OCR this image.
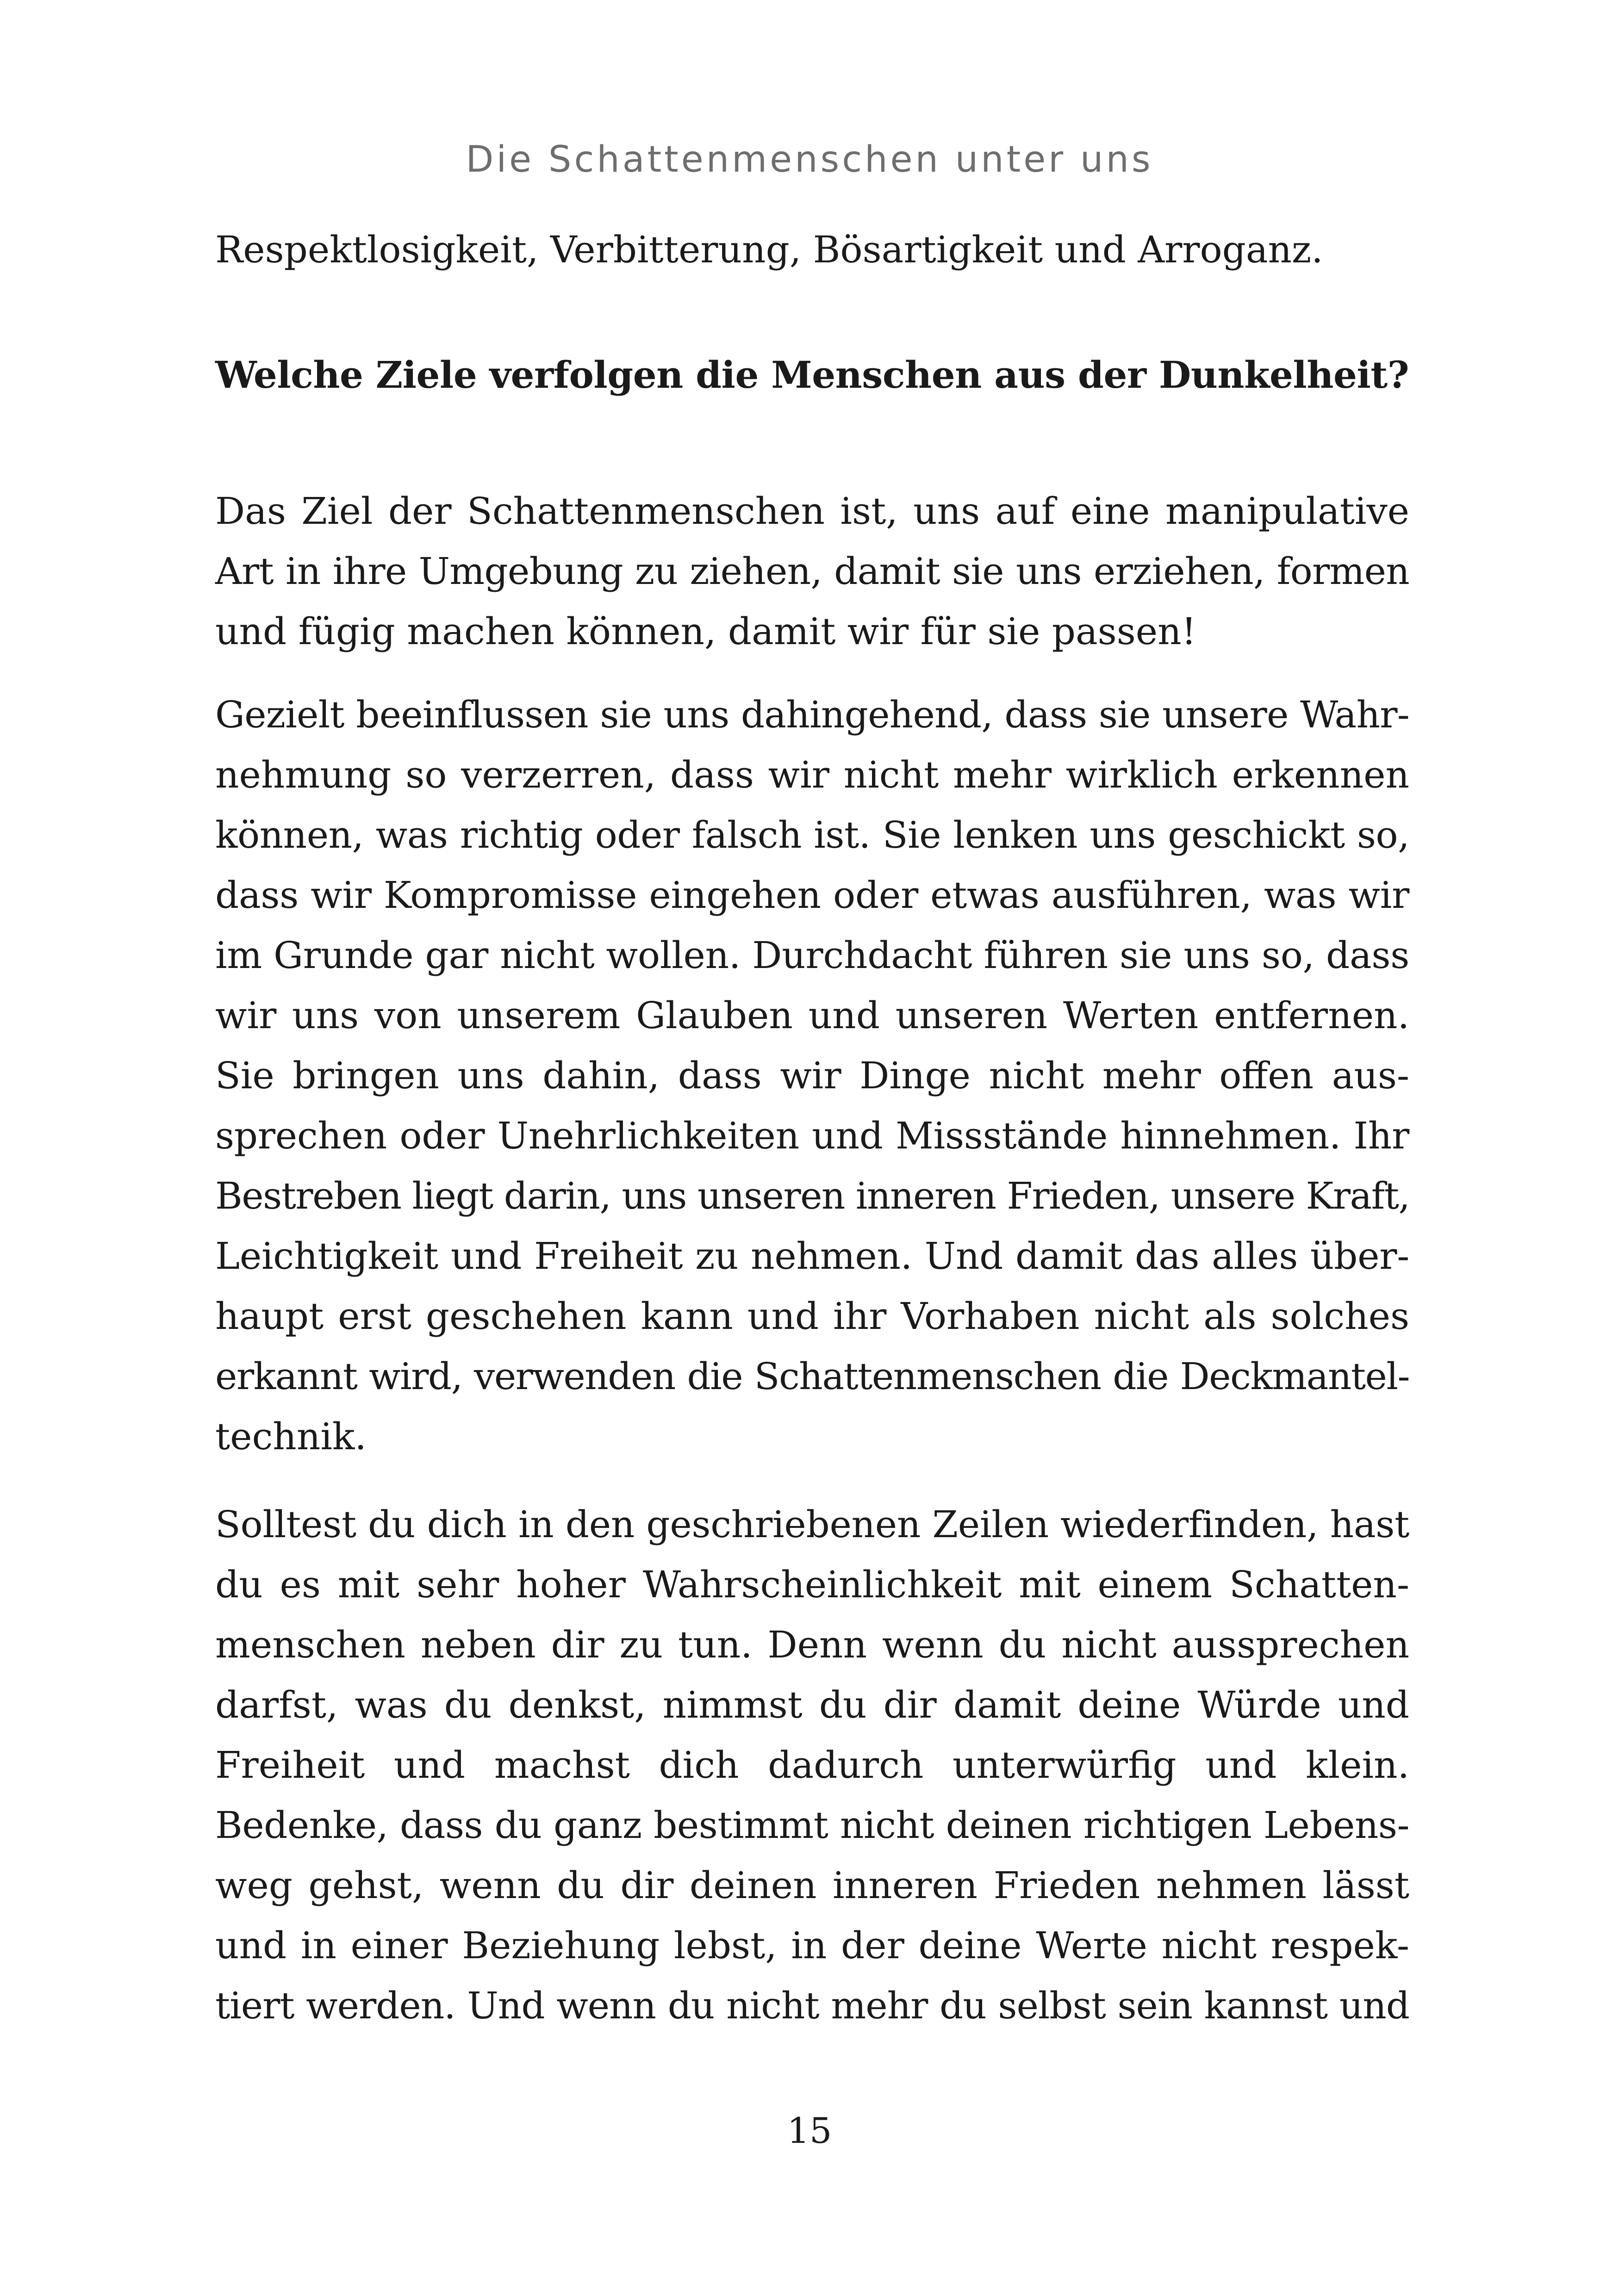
Die Schattenmenschen unter uns
Respektlosigkeit, Verbitterung, Bösartigkeit und Arroganz.
Welche Ziele verfolgen die Menschen aus der Dunkelheit?
Das Ziel der Schattenmenschen ist, uns auf eine manipulative
Art in ihre Umgebung zu ziehen, damit sie uns erziehen, formen
und fügig machen können, damit wir für sie passen!
Gezielt beeinflussen sie uns dahingehend, dass sie unsere Wahr-
nehmung so verzerren, dass wir nicht mehr wirklich erkennen
können, was richtig oder falsch ist. Sie lenken uns geschickt so,
dass wir Kompromisse eingehen oder etwas ausführen, was wir
im Grunde gar nicht wollen. Durchdacht führen sie uns so, dass
wir uns von unserem Glauben und unseren Werten entfernen.
Sie bringen uns dahin, dass wir Dinge nicht mehr offen aus-
sprechen oder Unehrlichkeiten und Missstände hinnehmen. Ihr
Bestreben liegt darin, uns unseren inneren Frieden, unsere Kraft,
Leichtigkeit und Freiheit zu nehmen. Und damit das alles über-
haupt erst geschehen kann und ihr Vorhaben nicht als solches
erkannt wird, verwenden die Schattenmenschen die Deckmantel-
technik.
Solltest du dich in den geschriebenen Zeilen wiederfinden, hast
du es mit sehr hoher Wahrscheinlichkeit mit einem Schatten-
menschen neben dir zu tun. Denn wenn du nicht aussprechen
darfst, was du denkst, nimmst du dir damit deine Würde und
Freiheit und machst dich dadurch unterwürfig und klein.
Bedenke, dass du ganz bestimmt nicht deinen richtigen Lebens-
weg gehst, wenn du dir deinen inneren Frieden nehmen lässt
und in einer Beziehung lebst, in der deine Werte nicht respek-
tiert werden. Und wenn du nicht mehr du selbst sein kannst und
15
